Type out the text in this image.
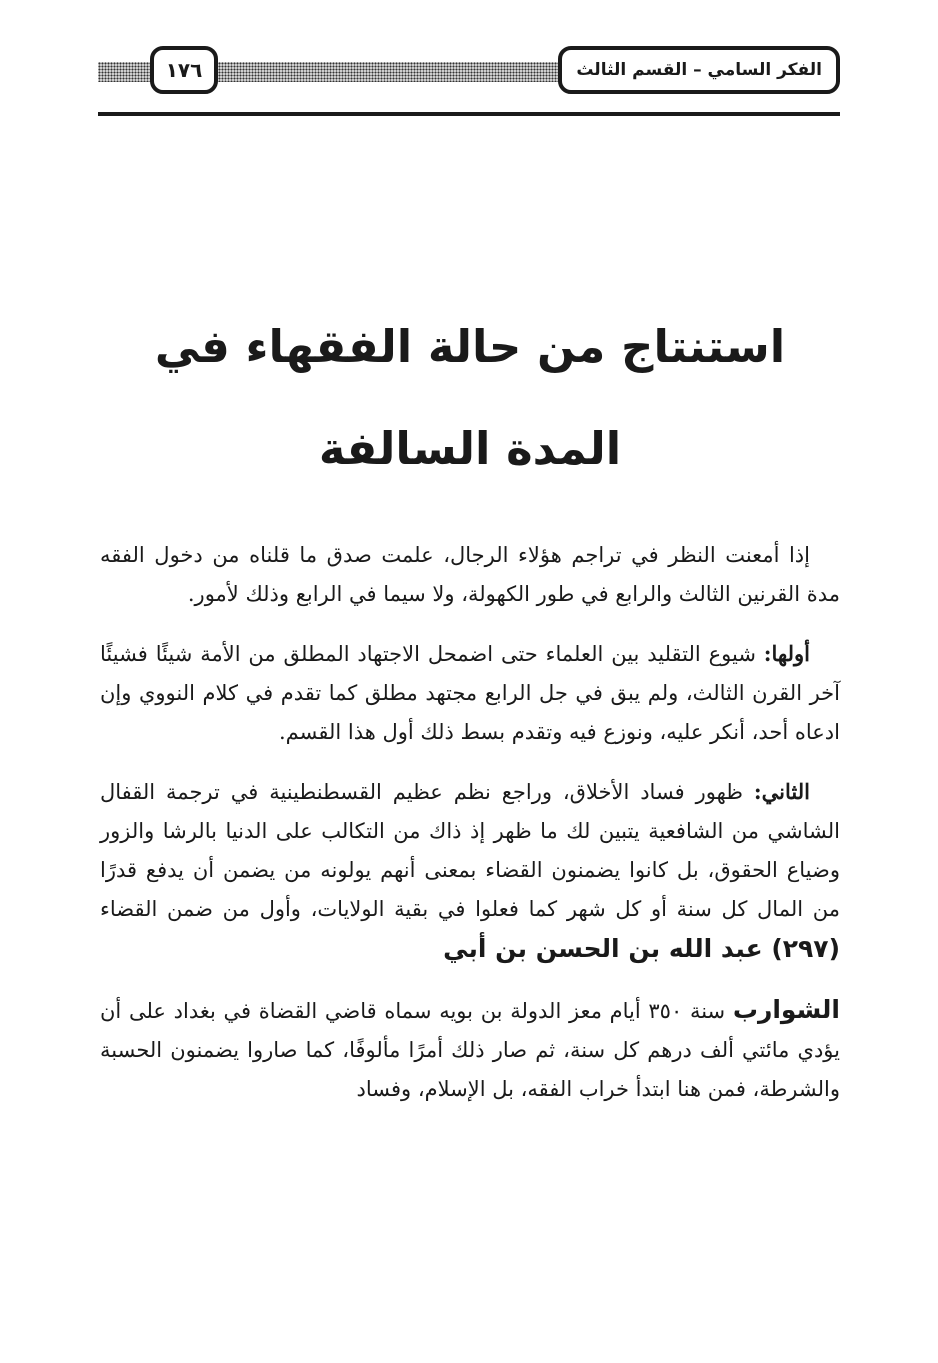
الفكر السامي – القسم الثالث
١٧٦
استنتاج من حالة الفقهاء في
المدة السالفة

إذا أمعنت النظر في تراجم هؤلاء الرجال، علمت صدق ما قلناه من دخول الفقه مدة القرنين الثالث والرابع في طور الكهولة، ولا سيما في الرابع وذلك لأمور.

أولها: شيوع التقليد بين العلماء حتى اضمحل الاجتهاد المطلق من الأمة شيئًا فشيئًا آخر القرن الثالث، ولم يبق في جل الرابع مجتهد مطلق كما تقدم في كلام النووي وإن ادعاه أحد، أنكر عليه، ونوزع فيه وتقدم بسط ذلك أول هذا القسم.

الثاني: ظهور فساد الأخلاق، وراجع نظم عظيم القسطنطينية في ترجمة القفال الشاشي من الشافعية يتبين لك ما ظهر إذ ذاك من التكالب على الدنيا بالرشا والزور وضياع الحقوق، بل كانوا يضمنون القضاء بمعنى أنهم يولونه من يضمن أن يدفع قدرًا من المال كل سنة أو كل شهر كما فعلوا في بقية الولايات، وأول من ضمن القضاء (٢٩٧) عبد الله بن الحسن بن أبي

الشوارب سنة ٣٥٠ أيام معز الدولة بن بويه سماه قاضي القضاة في بغداد على أن يؤدي مائتي ألف درهم كل سنة، ثم صار ذلك أمرًا مألوفًا، كما صاروا يضمنون الحسبة والشرطة، فمن هنا ابتدأ خراب الفقه، بل الإسلام، وفساد
